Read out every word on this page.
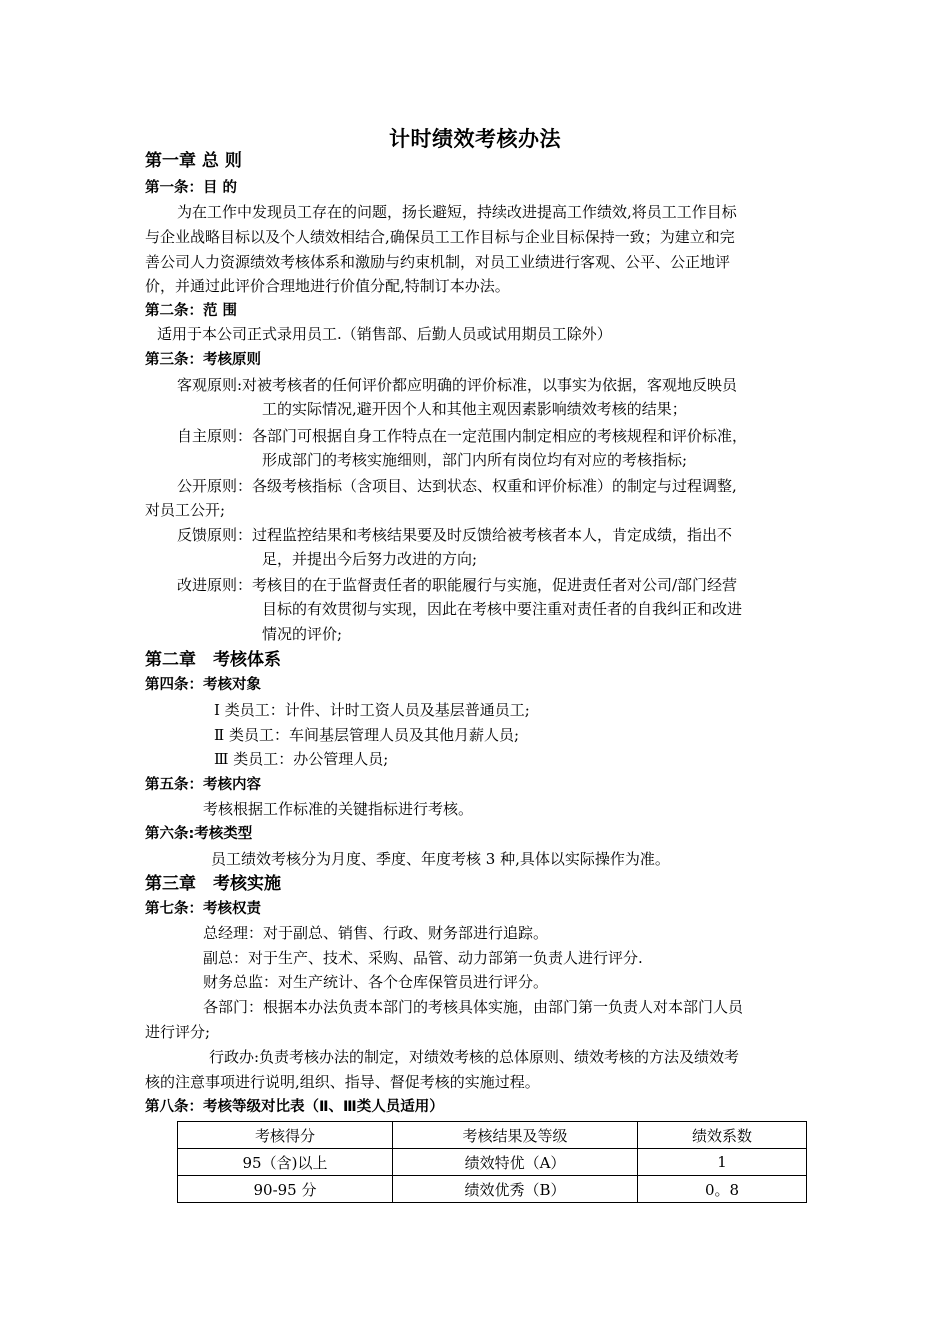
计时绩效考核办法
第一章 总 则
第一条：目 的
为在工作中发现员工存在的问题，扬长避短，持续改进提高工作绩效,将员工工作目标
与企业战略目标以及个人绩效相结合,确保员工工作目标与企业目标保持一致；为建立和完
善公司人力资源绩效考核体系和激励与约束机制，对员工业绩进行客观、公平、公正地评
价，并通过此评价合理地进行价值分配,特制订本办法。
第二条：范 围
适用于本公司正式录用员工.（销售部、后勤人员或试用期员工除外）
第三条：考核原则
客观原则:对被考核者的任何评价都应明确的评价标准，以事实为依据，客观地反映员
工的实际情况,避开因个人和其他主观因素影响绩效考核的结果；
自主原则：各部门可根据自身工作特点在一定范围内制定相应的考核规程和评价标准，
形成部门的考核实施细则，部门内所有岗位均有对应的考核指标;
公开原则：各级考核指标（含项目、达到状态、权重和评价标准）的制定与过程调整,
对员工公开;
反馈原则：过程监控结果和考核结果要及时反馈给被考核者本人，肯定成绩，指出不
足，并提出今后努力改进的方向;
改进原则：考核目的在于监督责任者的职能履行与实施，促进责任者对公司/部门经营
目标的有效贯彻与实现，因此在考核中要注重对责任者的自我纠正和改进
情况的评价;
第二章　考核体系
第四条：考核对象
Ⅰ 类员工：计件、计时工资人员及基层普通员工;
Ⅱ 类员工：车间基层管理人员及其他月薪人员;
Ⅲ 类员工：办公管理人员;
第五条：考核内容
考核根据工作标准的关键指标进行考核。
第六条:考核类型
员工绩效考核分为月度、季度、年度考核 3 种,具体以实际操作为准。
第三章　考核实施
第七条：考核权责
总经理：对于副总、销售、行政、财务部进行追踪。
副总：对于生产、技术、采购、品管、动力部第一负责人进行评分.
财务总监：对生产统计、各个仓库保管员进行评分。
各部门：根据本办法负责本部门的考核具体实施，由部门第一负责人对本部门人员
进行评分;
行政办:负责考核办法的制定，对绩效考核的总体原则、绩效考核的方法及绩效考
核的注意事项进行说明,组织、指导、督促考核的实施过程。
第八条：考核等级对比表（Ⅱ、Ⅲ类人员适用）
考核得分	考核结果及等级	绩效系数
95（含)以上	绩效特优（A）	1
90-95 分	绩效优秀（B）	0。8
